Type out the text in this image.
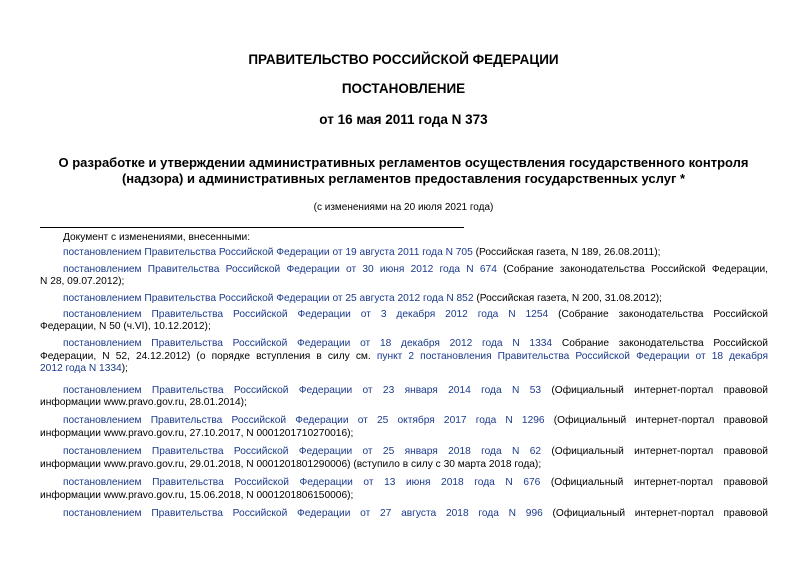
ПРАВИТЕЛЬСТВО РОССИЙСКОЙ ФЕДЕРАЦИИ
ПОСТАНОВЛЕНИЕ
от 16 мая 2011 года N 373
О разработке и утверждении административных регламентов осуществления государственного контроля
(надзора) и административных регламентов предоставления государственных услуг *
(с изменениями на 20 июля 2021 года)
Документ с изменениями, внесенными:
постановлением Правительства Российской Федерации от 19 августа 2011 года N 705 (Российская газета, N 189, 26.08.2011);
постановлением Правительства Российской Федерации от 30 июня 2012 года N 674 (Собрание законодательства Российской Федерации,
N 28, 09.07.2012);
постановлением Правительства Российской Федерации от 25 августа 2012 года N 852 (Российская газета, N 200, 31.08.2012);
постановлением Правительства Российской Федерации от 3 декабря 2012 года N 1254 (Собрание законодательства Российской
Федерации, N 50 (ч.VI), 10.12.2012);
постановлением Правительства Российской Федерации от 18 декабря 2012 года N 1334 Собрание законодательства Российской
Федерации, N 52, 24.12.2012) (о порядке вступления в силу см. пункт 2 постановления Правительства Российской Федерации от 18 декабря
2012 года N 1334);
постановлением Правительства Российской Федерации от 23 января 2014 года N 53 (Официальный интернет-портал правовой
информации www.pravo.gov.ru, 28.01.2014);
постановлением Правительства Российской Федерации от 25 октября 2017 года N 1296 (Официальный интернет-портал правовой
информации www.pravo.gov.ru, 27.10.2017, N 0001201710270016);
постановлением Правительства Российской Федерации от 25 января 2018 года N 62 (Официальный интернет-портал правовой
информации www.pravo.gov.ru, 29.01.2018, N 0001201801290006) (вступило в силу с 30 марта 2018 года);
постановлением Правительства Российской Федерации от 13 июня 2018 года N 676 (Официальный интернет-портал правовой
информации www.pravo.gov.ru, 15.06.2018, N 0001201806150006);
постановлением Правительства Российской Федерации от 27 августа 2018 года N 996 (Официальный интернет-портал правовой
